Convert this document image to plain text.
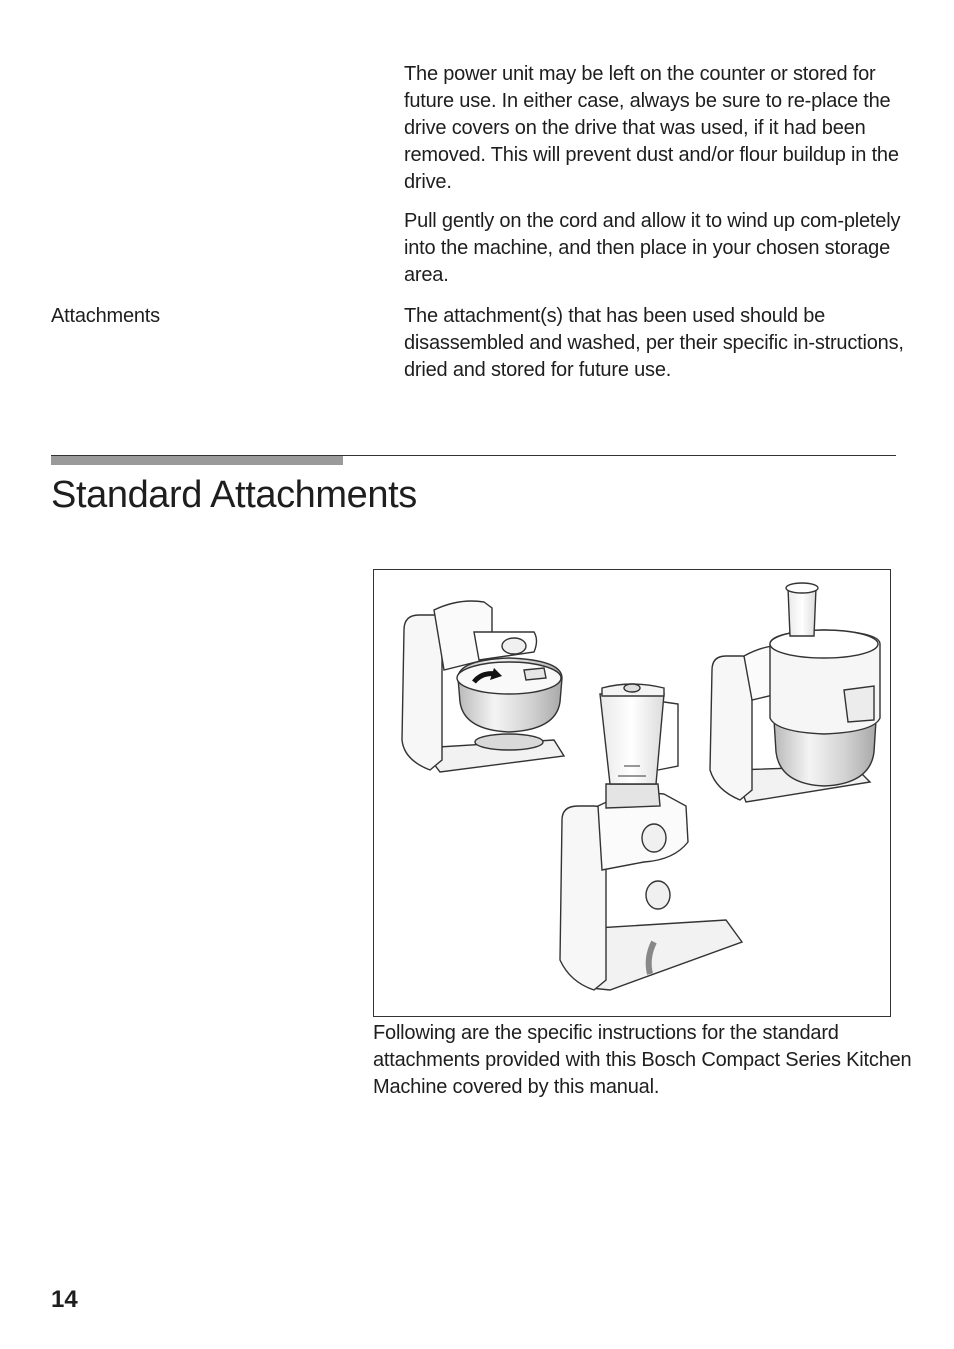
The power unit may be left on the counter or stored for future use. In either case, always be sure to re-place the drive covers on the drive that was used, if it had been removed. This will prevent dust and/or flour buildup in the drive.

Pull gently on the cord and allow it to wind up com-pletely into the machine, and then place in your chosen storage area.

Attachments	The attachment(s) that has been used should be disassembled and washed, per their specific in-structions, dried and stored for future use.

Standard Attachments

Following are the specific instructions for the standard attachments provided with this Bosch Compact Series Kitchen Machine covered by this manual.

14
